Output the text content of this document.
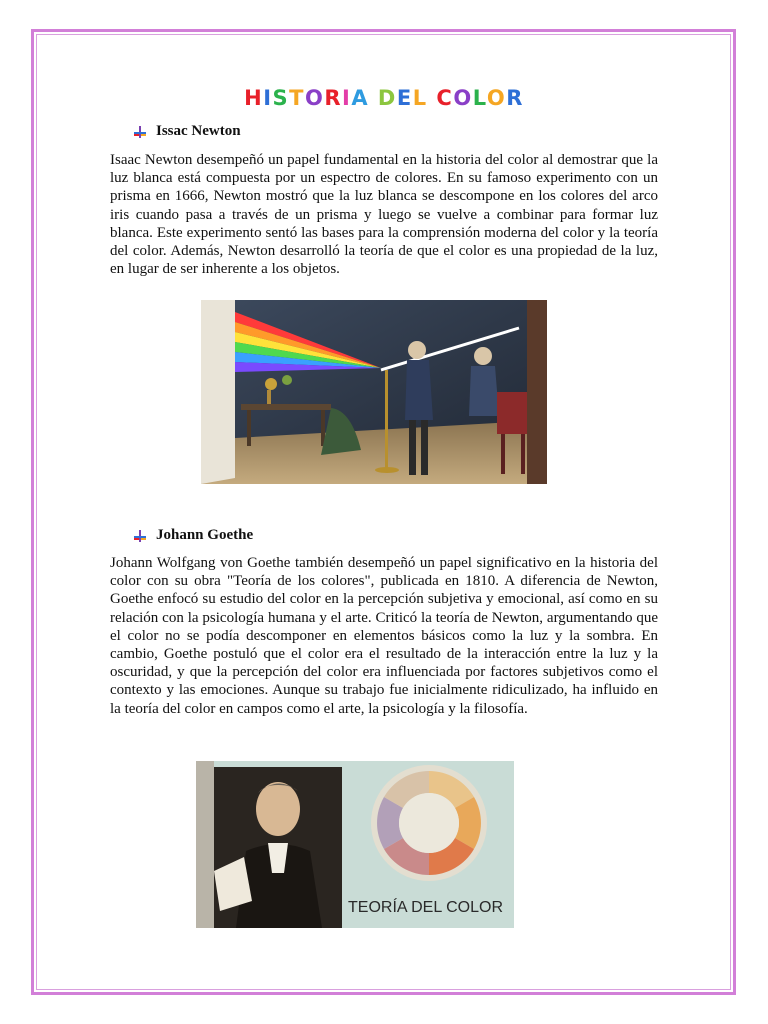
HISTORIA DEL COLOR
Issac Newton

Isaac Newton desempeñó un papel fundamental en la historia del color al demostrar que la luz blanca está compuesta por un espectro de colores. En su famoso experimento con un prisma en 1666, Newton mostró que la luz blanca se descompone en los colores del arco iris cuando pasa a través de un prisma y luego se vuelve a combinar para formar luz blanca. Este experimento sentó las bases para la comprensión moderna del color y la teoría del color. Además, Newton desarrolló la teoría de que el color es una propiedad de la luz, en lugar de ser inherente a los objetos.

Johann Goethe

Johann Wolfgang von Goethe también desempeñó un papel significativo en la historia del color con su obra "Teoría de los colores", publicada en 1810. A diferencia de Newton, Goethe enfocó su estudio del color en la percepción subjetiva y emocional, así como en su relación con la psicología humana y el arte. Criticó la teoría de Newton, argumentando que el color no se podía descomponer en elementos básicos como la luz y la sombra. En cambio, Goethe postuló que el color era el resultado de la interacción entre la luz y la oscuridad, y que la percepción del color era influenciada por factores subjetivos como el contexto y las emociones. Aunque su trabajo fue inicialmente ridiculizado, ha influido en la teoría del color en campos como el arte, la psicología y la filosofía.

TEORÍA DEL COLOR
